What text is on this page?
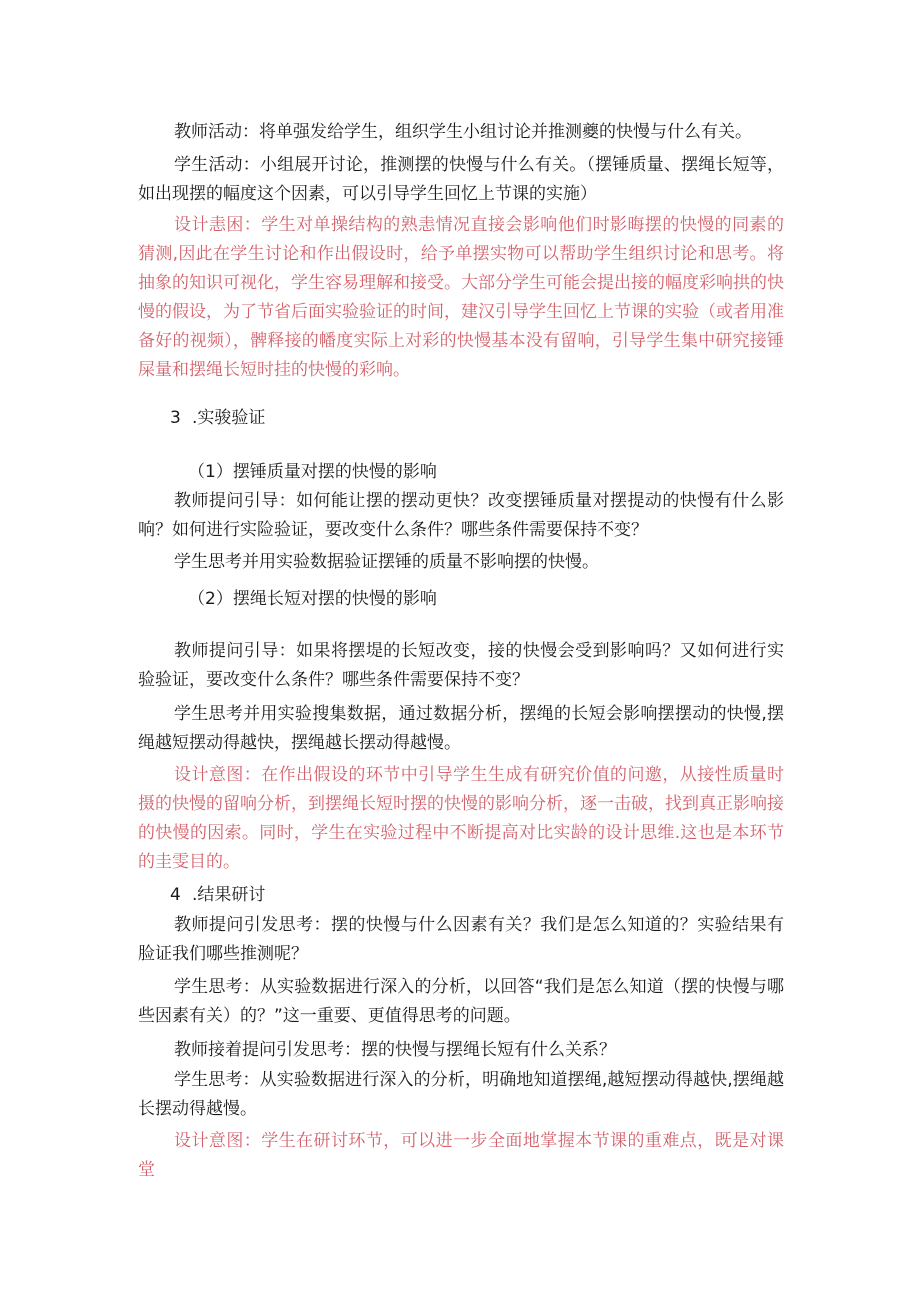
教师活动：将单强发给学生，组织学生小组讨论并推测夔的快慢与什么有关。

学生活动：小组展开讨论，推测摆的快慢与什么有关。（摆锤质量、摆绳长短等，如出现摆的幅度这个因素，可以引导学生回忆上节课的实施）

设计恚困：学生对单操结构的熟恚情况直接会影响他们时影晦摆的快慢的同素的猜测,因此在学生讨论和作出假设时，给予单摆实物可以帮助学生组织讨论和思考。将抽象的知识可视化，学生容易理解和接受。大部分学生可能会提出接的幅度彩响拱的快慢的假设，为了节省后面实验验证的时间，建汉引导学生回忆上节课的实验（或者用准备好的视频），髀释接的幡度实际上对彩的快慢基本没有留响，引导学生集中研究接锤屎量和摆绳长短时挂的快慢的彩响。

3 .实骏验证
（1）摆锤质量对摆的快慢的影响

教师提问引导：如何能让摆的摆动更快？改变摆锤质量对摆提动的快慢有什么影响？如何进行实险验证，要改变什么条件？哪些条件需要保持不变？

学生思考并用实验数据验证摆锤的质量不影响摆的快慢。

（2）摆绳长短对摆的快慢的影响

教师提问引导：如果将摆堤的长短改变，接的快慢会受到影响吗？又如何进行实验验证，要改变什么条件？哪些条件需要保持不变？

学生思考并用实验搜集数据，通过数据分析，摆绳的长短会影响摆摆动的快慢,摆绳越短摆动得越快，摆绳越长摆动得越慢。

设计意图：在作出假设的环节中引导学生生成有研究价值的问邀，从接性质量时摄的快慢的留响分析，到摆绳长短时摆的快慢的影响分析，逐一击破，找到真正影响接的快慢的因索。同时，学生在实验过程中不断提高对比实龄的设计思维.这也是本环节的圭雯目的。

4 .结果研讨

教师提问引发思考：摆的快慢与什么因素有关？我们是怎么知道的？实验结果有脸证我们哪些推测呢？

学生思考：从实验数据进行深入的分析，以回答“我们是怎么知道（摆的快慢与哪些因素有关）的？”这一重要、更值得思考的问题。

教师接着提问引发思考：摆的快慢与摆绳长短有什么关系？

学生思考：从实验数据进行深入的分析，明确地知道摆绳,越短摆动得越快,摆绳越长摆动得越慢。

设计意图：学生在研讨环节，可以进一步全面地掌握本节课的重难点，既是对课堂
